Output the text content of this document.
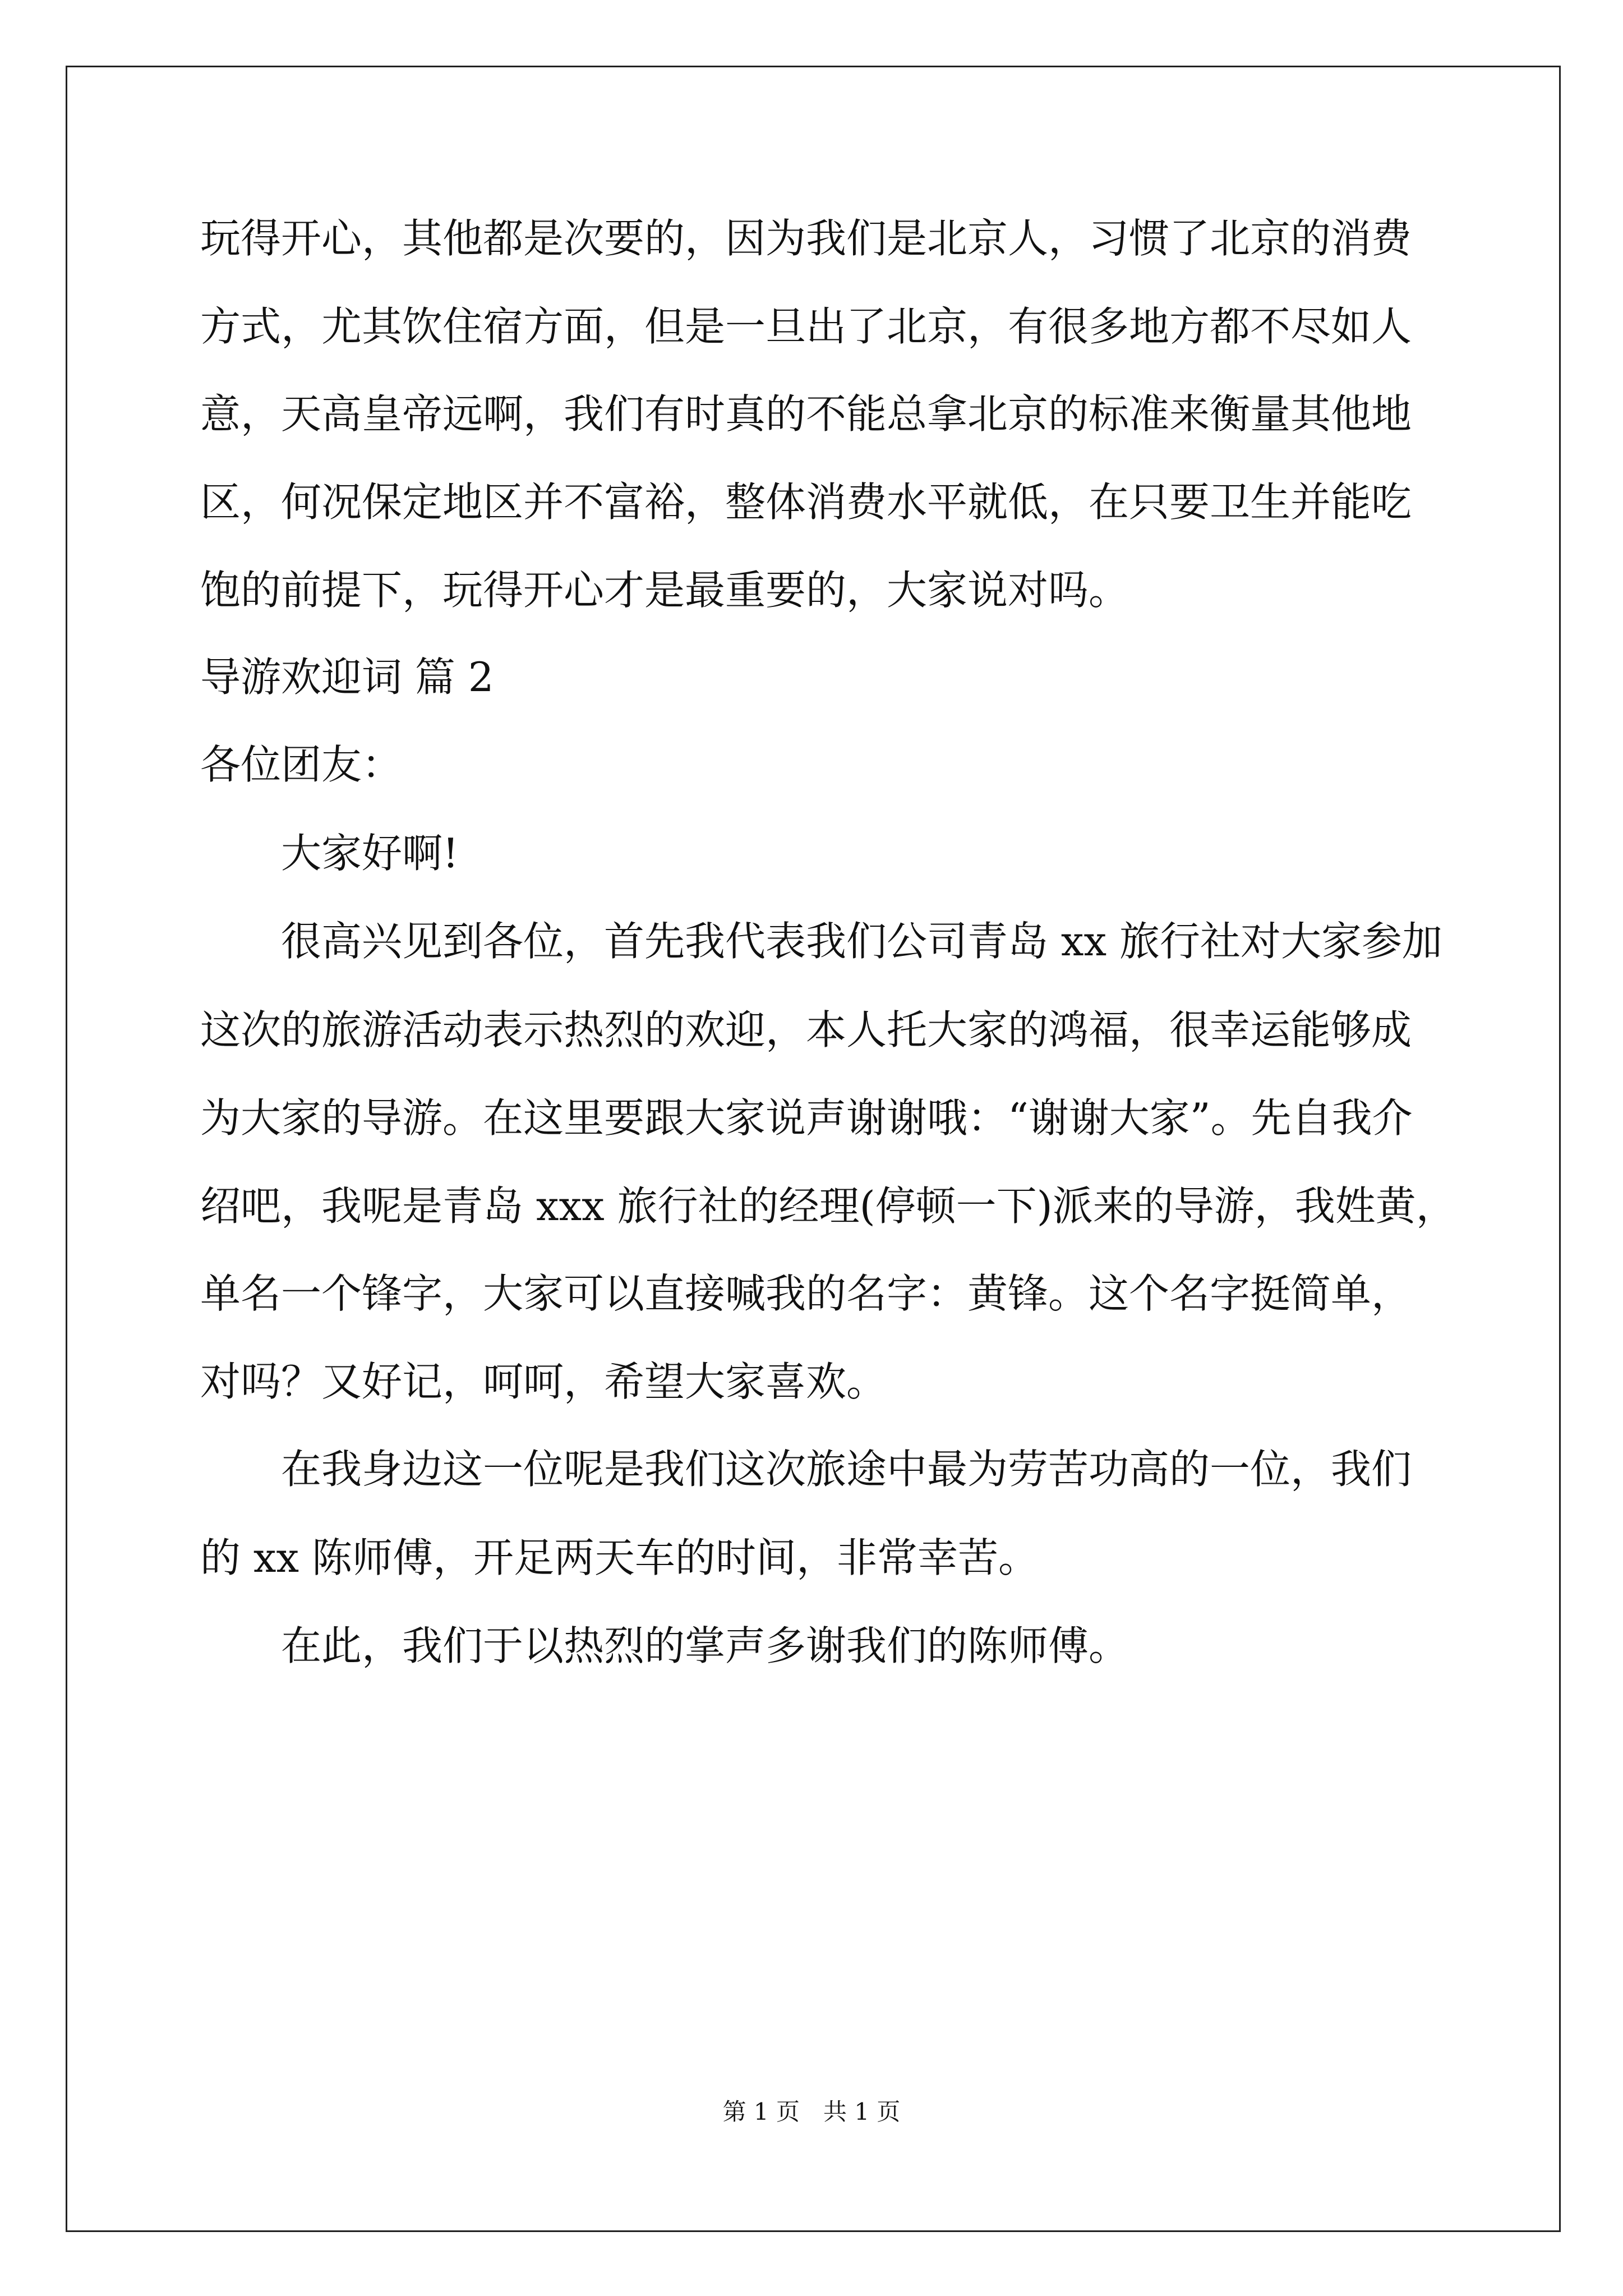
玩得开心，其他都是次要的，因为我们是北京人，习惯了北京的消费
方式，尤其饮住宿方面，但是一旦出了北京，有很多地方都不尽如人
意，天高皇帝远啊，我们有时真的不能总拿北京的标准来衡量其他地
区，何况保定地区并不富裕，整体消费水平就低，在只要卫生并能吃
饱的前提下，玩得开心才是最重要的，大家说对吗。
导游欢迎词 篇 2
各位团友：
大家好啊!
很高兴见到各位，首先我代表我们公司青岛 xx 旅行社对大家参加
这次的旅游活动表示热烈的欢迎，本人托大家的鸿福，很幸运能够成
为大家的导游。在这里要跟大家说声谢谢哦：“谢谢大家”。先自我介
绍吧，我呢是青岛 xxx 旅行社的经理(停顿一下)派来的导游，我姓黄，
单名一个锋字，大家可以直接喊我的名字：黄锋。这个名字挺简单，
对吗？又好记，呵呵，希望大家喜欢。
在我身边这一位呢是我们这次旅途中最为劳苦功高的一位，我们
的 xx 陈师傅，开足两天车的时间，非常幸苦。
在此，我们于以热烈的掌声多谢我们的陈师傅。
第 1 页　共 1 页
